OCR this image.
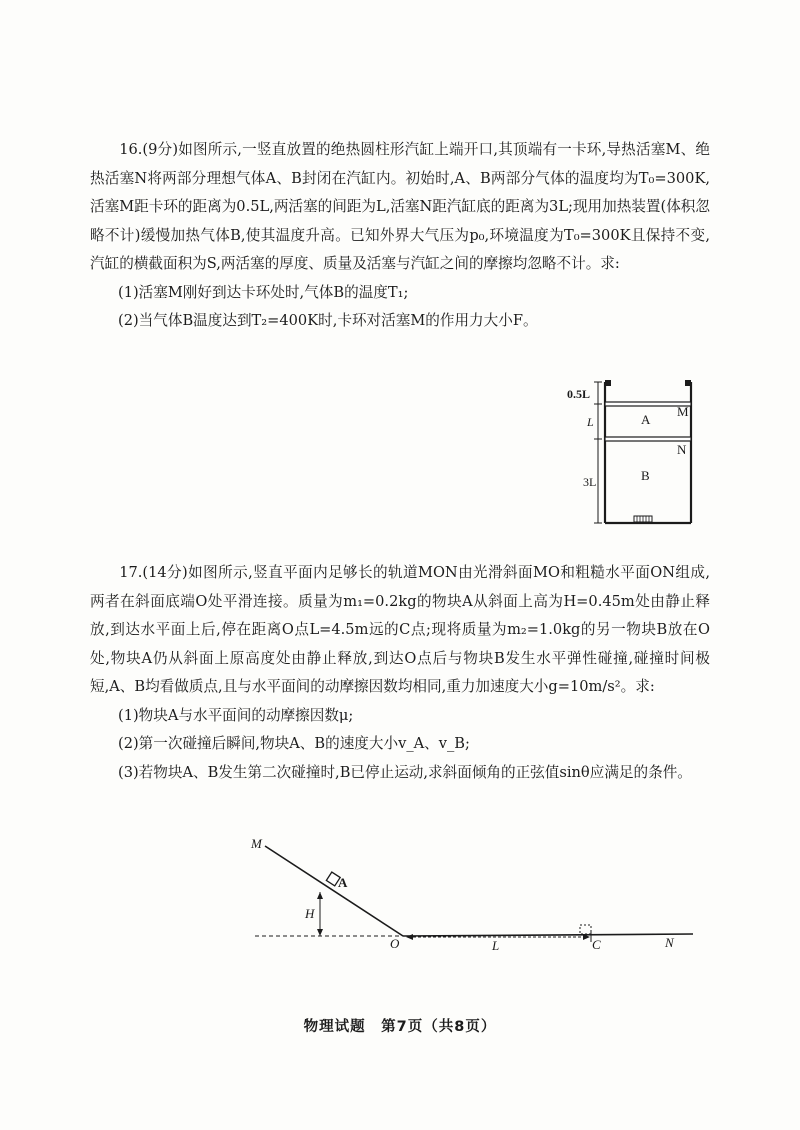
16.(9分)如图所示,一竖直放置的绝热圆柱形汽缸上端开口,其顶端有一卡环,导热活塞M、绝热活塞N将两部分理想气体A、B封闭在汽缸内。初始时,A、B两部分气体的温度均为T₀=300K,活塞M距卡环的距离为0.5L,两活塞的间距为L,活塞N距汽缸底的距离为3L;现用加热装置(体积忽略不计)缓慢加热气体B,使其温度升高。已知外界大气压为p₀,环境温度为T₀=300K且保持不变,汽缸的横截面积为S,两活塞的厚度、质量及活塞与汽缸之间的摩擦均忽略不计。求:

(1)活塞M刚好到达卡环处时,气体B的温度T₁;

(2)当气体B温度达到T₂=400K时,卡环对活塞M的作用力大小F。

0.5L
L
3L
A
B
M
N

17.(14分)如图所示,竖直平面内足够长的轨道MON由光滑斜面MO和粗糙水平面ON组成,两者在斜面底端O处平滑连接。质量为m₁=0.2kg的物块A从斜面上高为H=0.45m处由静止释放,到达水平面上后,停在距离O点L=4.5m远的C点;现将质量为m₂=1.0kg的另一物块B放在O处,物块A仍从斜面上原高度处由静止释放,到达O点后与物块B发生水平弹性碰撞,碰撞时间极短,A、B均看做质点,且与水平面间的动摩擦因数均相同,重力加速度大小g=10m/s²。求:

(1)物块A与水平面间的动摩擦因数μ;

(2)第一次碰撞后瞬间,物块A、B的速度大小v_A、v_B;

(3)若物块A、B发生第二次碰撞时,B已停止运动,求斜面倾角的正弦值sinθ应满足的条件。

M
A
H
O	L	C	N
物理试题　第7页（共8页）
